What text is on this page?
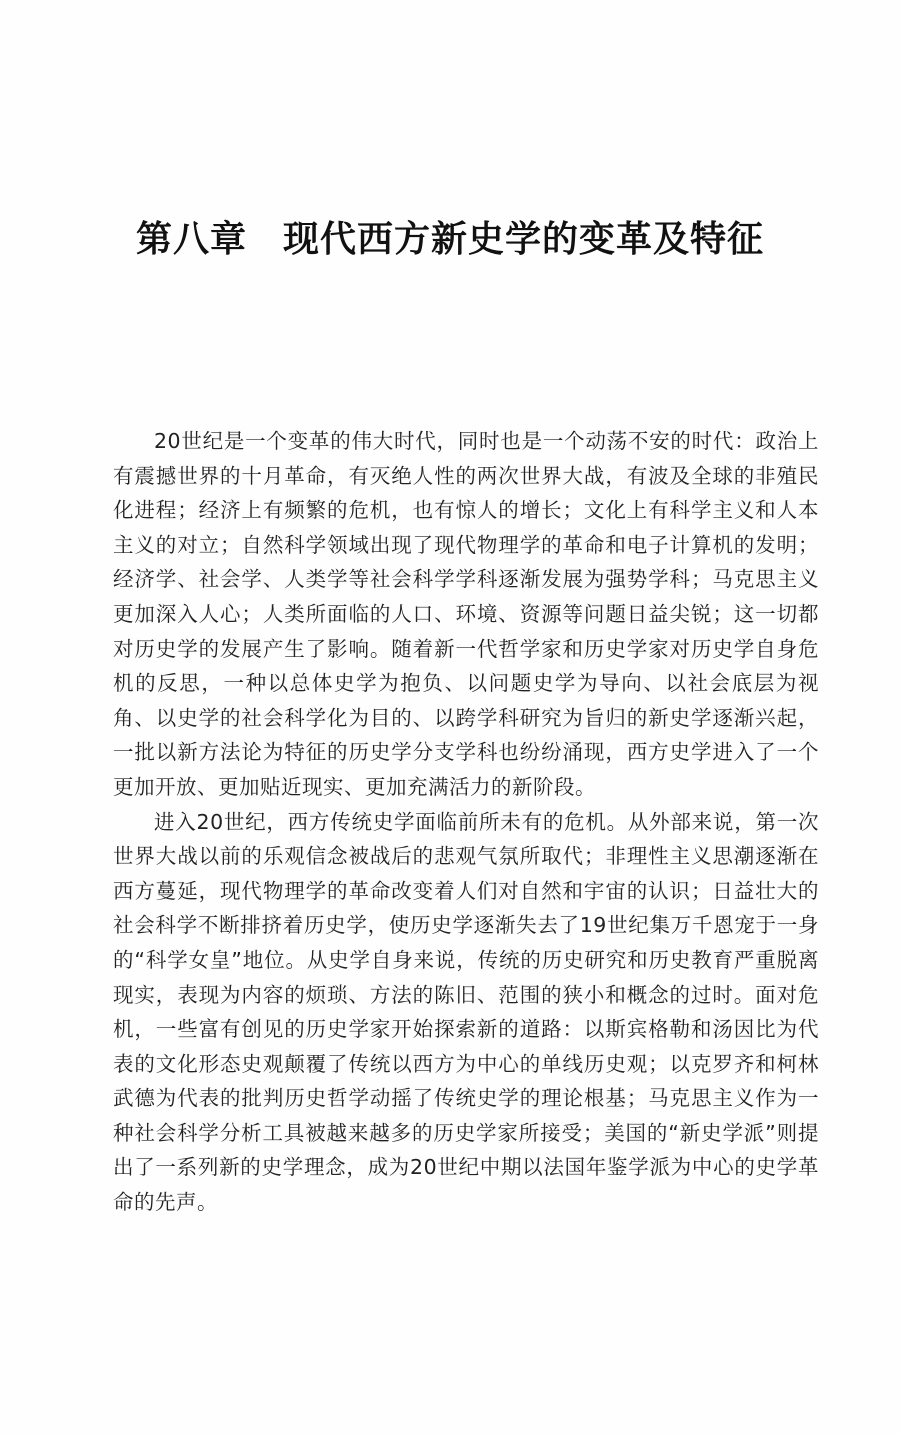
第八章 现代西方新史学的变革及特征

20世纪是一个变革的伟大时代，同时也是一个动荡不安的时代：政治上有震撼世界的十月革命，有灭绝人性的两次世界大战，有波及全球的非殖民化进程；经济上有频繁的危机，也有惊人的增长；文化上有科学主义和人本主义的对立；自然科学领域出现了现代物理学的革命和电子计算机的发明；经济学、社会学、人类学等社会科学学科逐渐发展为强势学科；马克思主义更加深入人心；人类所面临的人口、环境、资源等问题日益尖锐；这一切都对历史学的发展产生了影响。随着新一代哲学家和历史学家对历史学自身危机的反思，一种以总体史学为抱负、以问题史学为导向、以社会底层为视角、以史学的社会科学化为目的、以跨学科研究为旨归的新史学逐渐兴起，一批以新方法论为特征的历史学分支学科也纷纷涌现，西方史学进入了一个更加开放、更加贴近现实、更加充满活力的新阶段。

进入20世纪，西方传统史学面临前所未有的危机。从外部来说，第一次世界大战以前的乐观信念被战后的悲观气氛所取代；非理性主义思潮逐渐在西方蔓延，现代物理学的革命改变着人们对自然和宇宙的认识；日益壮大的社会科学不断排挤着历史学，使历史学逐渐失去了19世纪集万千恩宠于一身的“科学女皇”地位。从史学自身来说，传统的历史研究和历史教育严重脱离现实，表现为内容的烦琐、方法的陈旧、范围的狭小和概念的过时。面对危机，一些富有创见的历史学家开始探索新的道路：以斯宾格勒和汤因比为代表的文化形态史观颠覆了传统以西方为中心的单线历史观；以克罗齐和柯林武德为代表的批判历史哲学动摇了传统史学的理论根基；马克思主义作为一种社会科学分析工具被越来越多的历史学家所接受；美国的“新史学派”则提出了一系列新的史学理念，成为20世纪中期以法国年鉴学派为中心的史学革命的先声。
